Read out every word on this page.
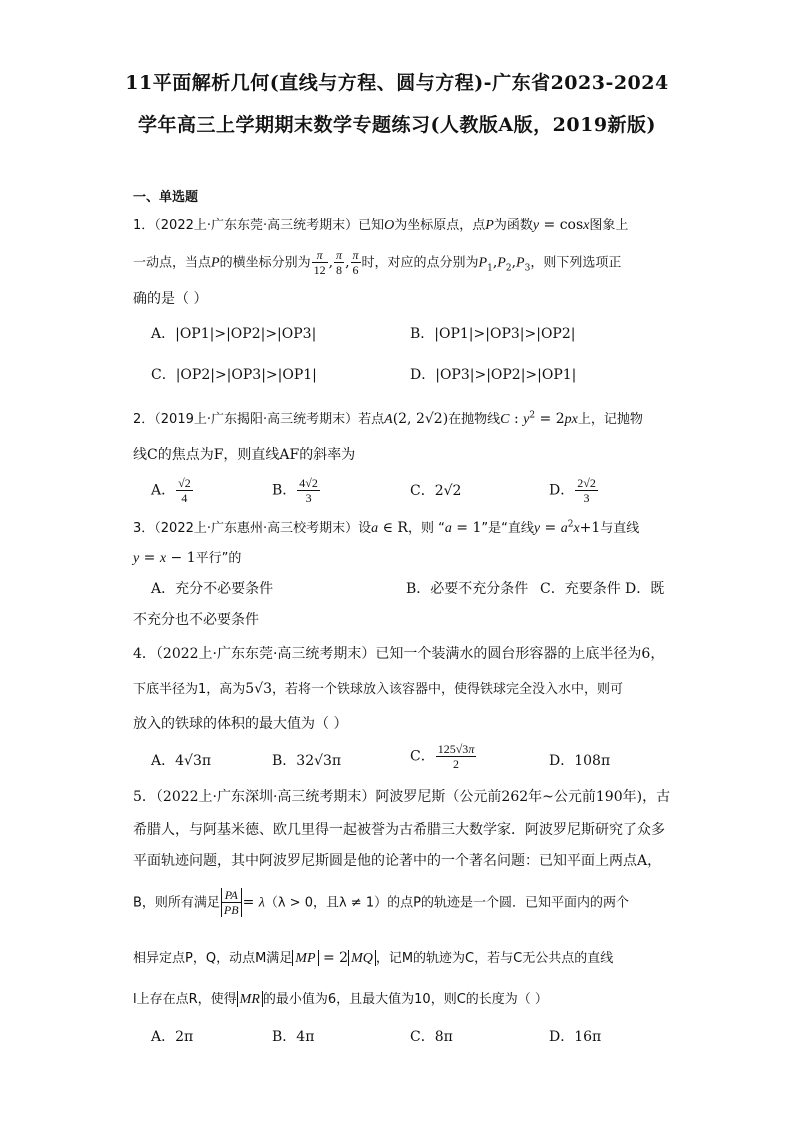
11平面解析几何(直线与方程、圆与方程)-广东省2023-2024
学年高三上学期期末数学专题练习(人教版A版，2019新版)
一、单选题
1．（2022上·广东东莞·高三统考期末）已知O为坐标原点，点P为函数y = cosx图象上
一动点，当点P的横坐标分别为 $\frac{\pi}{12}$ , $\frac{\pi}{8}$ , $\frac{\pi}{6}$ 时，对应的点分别为$P_1,P_2,P_3$，则下列选项正
确的是（ ）
A．|OP1|>|OP2|>|OP3|	B．|OP1|>|OP3|>|OP2|
C．|OP2|>|OP3|>|OP1|	D．|OP3|>|OP2|>|OP1|
2．（2019上·广东揭阳·高三统考期末）若点A(2, 2√2)在抛物线C : $y^2 = 2px$上，记抛物
线C的焦点为F，则直线AF的斜率为
A． $\frac{√2}{4}$	B． $\frac{4√2}{3}$	C．2√2	D． $\frac{2√2}{3}$
3．（2022上·广东惠州·高三校考期末）设a ∈ R，则 “a = 1”是“直线$y = a^2x+1$与直线
y = x − 1平行”的
A．充分不必要条件	B．必要不充分条件 C．充要条件 D．既
不充分也不必要条件
4．（2022上·广东东莞·高三统考期末）已知一个装满水的圆台形容器的上底半径为6，
下底半径为1，高为5√3，若将一个铁球放入该容器中，使得铁球完全没入水中，则可
放入的铁球的体积的最大值为（ ）
A．4√3π	B．32√3π	C． $\frac{125√3\pi}{2}$	D．108π
5．（2022上·广东深圳·高三统考期末）阿波罗尼斯（公元前262年~公元前190年)，古
希腊人，与阿基米德、欧几里得一起被誉为古希腊三大数学家．阿波罗尼斯研究了众多
平面轨迹问题，其中阿波罗尼斯圆是他的论著中的一个著名问题：已知平面上两点A，
B，则所有满足 $\frac{PA}{PB} = \lambda(\lambda > 0$，且λ ≠ 1）的点P的轨迹是一个圆．已知平面内的两个
相异定点P，Q，动点M满足 MP = 2 MQ ，记M的轨迹为C，若与C无公共点的直线
l上存在点R，使得 MR 的最小值为6，且最大值为10，则C的长度为（ ）
A．2π	B．4π	C．8π	D．16π
